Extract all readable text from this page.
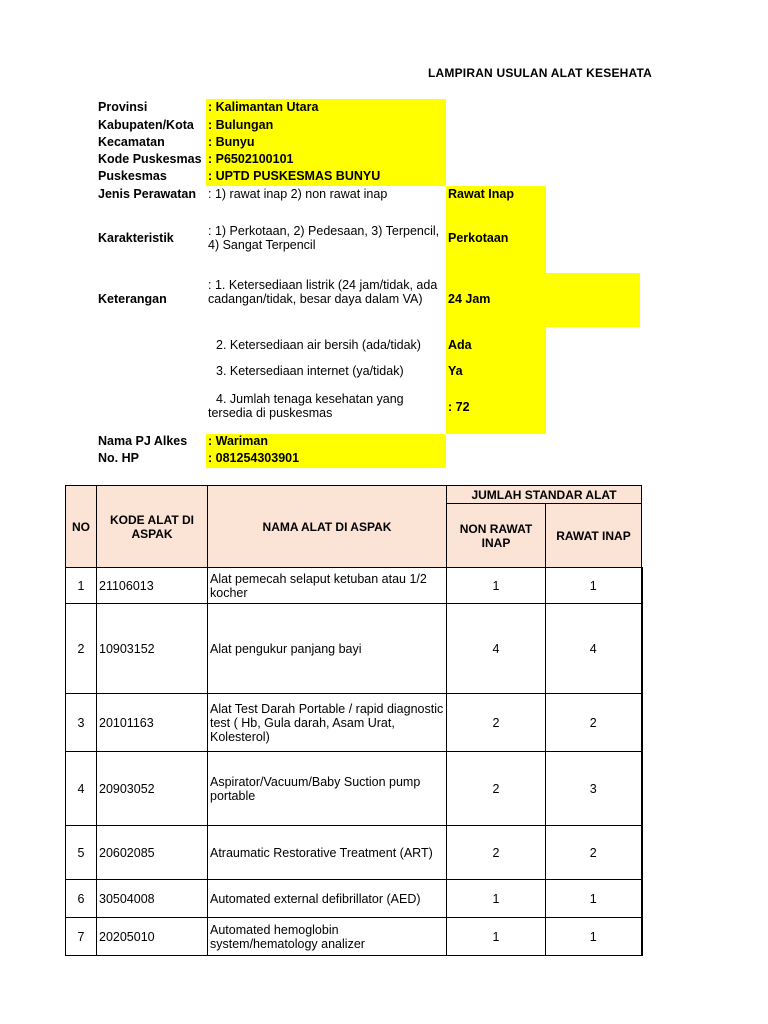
LAMPIRAN USULAN ALAT KESEHATA
Provinsi	: Kalimantan Utara
Kabupaten/Kota : Bulungan
Kecamatan	: Bunyu
Kode Puskesmas : P6502100101
Puskesmas	: UPTD PUSKESMAS BUNYU
Jenis Perawatan : 1) rawat inap 2) non rawat inap	Rawat Inap
Karakteristik	: 1) Perkotaan, 2) Pedesaan, 3) Terpencil, 4) Sangat Terpencil	Perkotaan
Keterangan
: 1. Ketersediaan listrik (24 jam/tidak, ada cadangan/tidak, besar daya dalam VA)	24 Jam
2. Ketersediaan air bersih (ada/tidak)	Ada
3. Ketersediaan internet (ya/tidak)	Ya
4. Jumlah tenaga kesehatan yang tersedia di puskesmas	: 72
Nama PJ Alkes : Wariman
No. HP	: 081254303901
NO	KODE ALAT DI ASPAK	NAMA ALAT DI ASPAK	JUMLAH STANDAR ALAT	
			NON RAWAT INAP	RAWAT INAP
1	21106013	Alat pemecah selaput ketuban atau 1/2 kocher	1	1
2	10903152	Alat pengukur panjang bayi	4	4
3	20101163	Alat Test Darah Portable / rapid diagnostic test ( Hb, Gula darah, Asam Urat, Kolesterol)	2	2
4	20903052	Aspirator/Vacuum/Baby Suction pump portable	2	3
5	20602085	Atraumatic Restorative Treatment (ART)	2	2
6	30504008	Automated external defibrillator (AED)	1	1
7	20205010	Automated hemoglobin system/hematology analizer	1	1
